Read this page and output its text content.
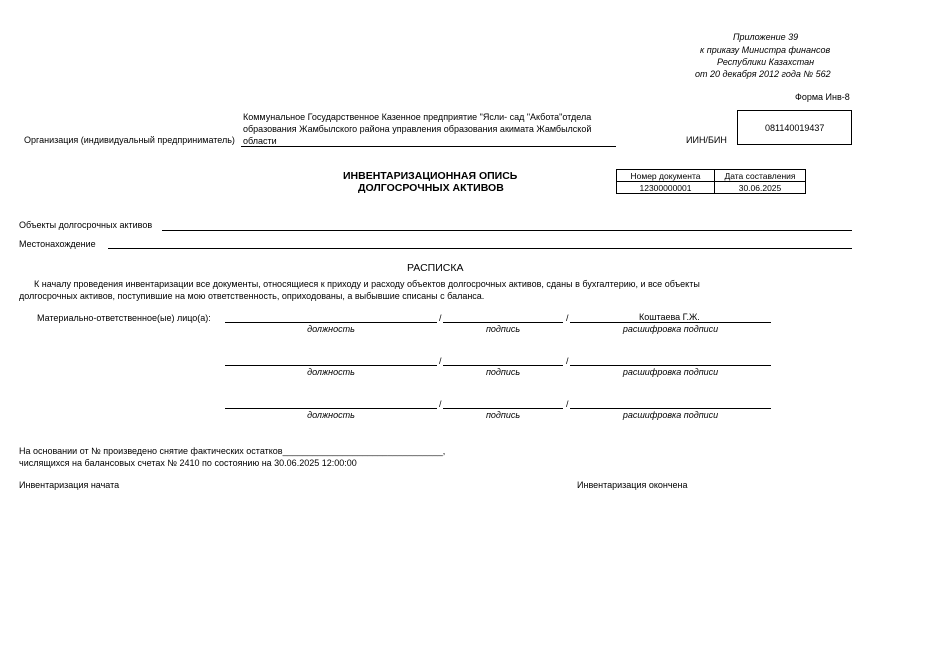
Приложение 39
к приказу Министра финансов
Республики Казахстан
от 20 декабря 2012 года № 562
Форма Инв-8
Коммунальное Государственное Казенное предприятие "Ясли- сад "Акбота"отдела
образования Жамбылского района управления образования акимата Жамбылской
области
Организация (индивидуальный предприниматель)	ИИН/БИН
081140019437
ИНВЕНТАРИЗАЦИОННАЯ ОПИСЬ
ДОЛГОСРОЧНЫХ АКТИВОВ
Номер документа	Дата составления
12300000001	30.06.2025
Объекты долгосрочных активов
Местонахождение
РАСПИСКА
К началу проведения инвентаризации все документы, относящиеся к приходу и расходу объектов долгосрочных активов, сданы в бухгалтерию, и все объекты
долгосрочных активов, поступившие на мою ответственность, оприходованы, а выбывшие списаны с баланса.
Материально-ответственное(ые) лицо(а):	/	/	Коштаева Г.Ж.
должность	подпись	расшифровка подписи
/	/
должность	подпись	расшифровка подписи
/	/
должность	подпись	расшифровка подписи
На основании от № произведено снятие фактических остатков________________________________,
числящихся на балансовых счетах № 2410 по состоянию на 30.06.2025 12:00:00
Инвентаризация начата	Инвентаризация окончена
